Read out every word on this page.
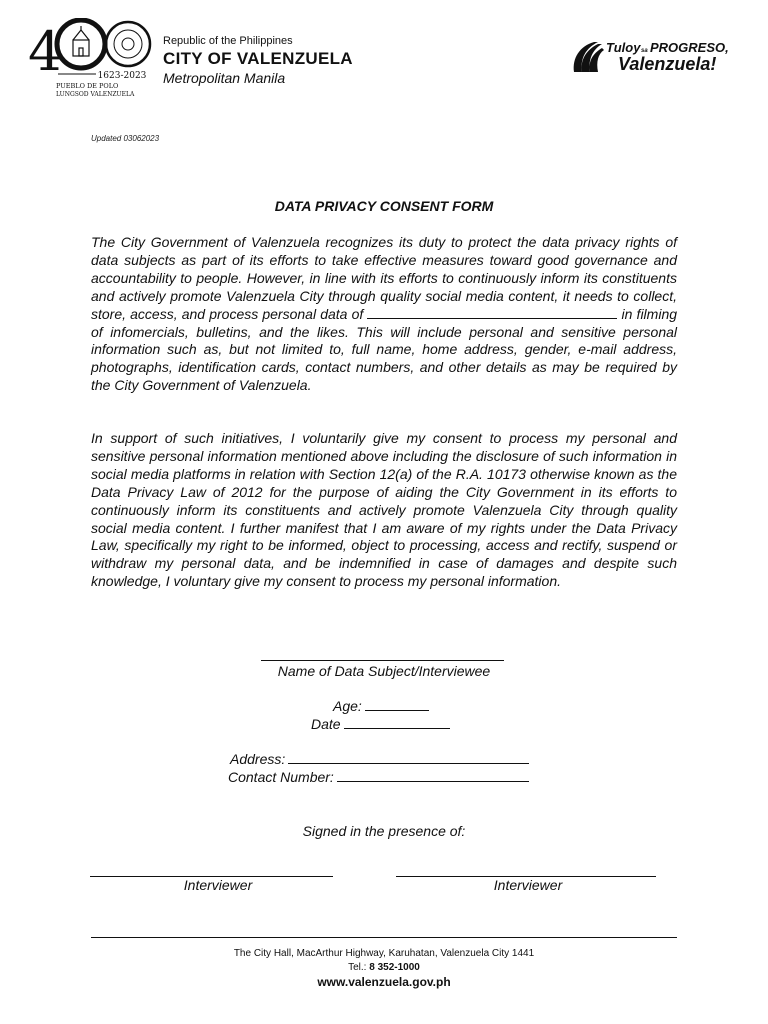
4	1623-2023
PUEBLO DE POLO
LUNGSOD VALENZUELA
Republic of the Philippines
CITY OF VALENZUELA
Metropolitan Manila
Tuloy sa PROGRESO,
Valenzuela!
Updated 03062023
DATA PRIVACY CONSENT FORM

The City Government of Valenzuela recognizes its duty to protect the data privacy rights of data subjects as part of its efforts to take effective measures toward good governance and accountability to people. However, in line with its efforts to continuously inform its constituents and actively promote Valenzuela City through quality social media content, it needs to collect, store, access, and process personal data of	in filming of infomercials, bulletins, and the likes. This will include personal and sensitive personal information such as, but not limited to, full name, home address, gender, e-mail address, photographs, identification cards, contact numbers, and other details as may be required by the City Government of Valenzuela.

In support of such initiatives, I voluntarily give my consent to process my personal and sensitive personal information mentioned above including the disclosure of such information in social media platforms in relation with Section 12(a) of the R.A. 10173 otherwise known as the Data Privacy Law of 2012 for the purpose of aiding the City Government in its efforts to continuously inform its constituents and actively promote Valenzuela City through quality social media content. I further manifest that I am aware of my rights under the Data Privacy Law, specifically my right to be informed, object to processing, access and rectify, suspend or withdraw my personal data, and be indemnified in case of damages and despite such knowledge, I voluntary give my consent to process my personal information.

Name of Data Subject/Interviewee
Age:
Date
Address:
Contact Number:
Signed in the presence of:
Interviewer	Interviewer
The City Hall, MacArthur Highway, Karuhatan, Valenzuela City 1441
Tel.: 8 352-1000
www.valenzuela.gov.ph
